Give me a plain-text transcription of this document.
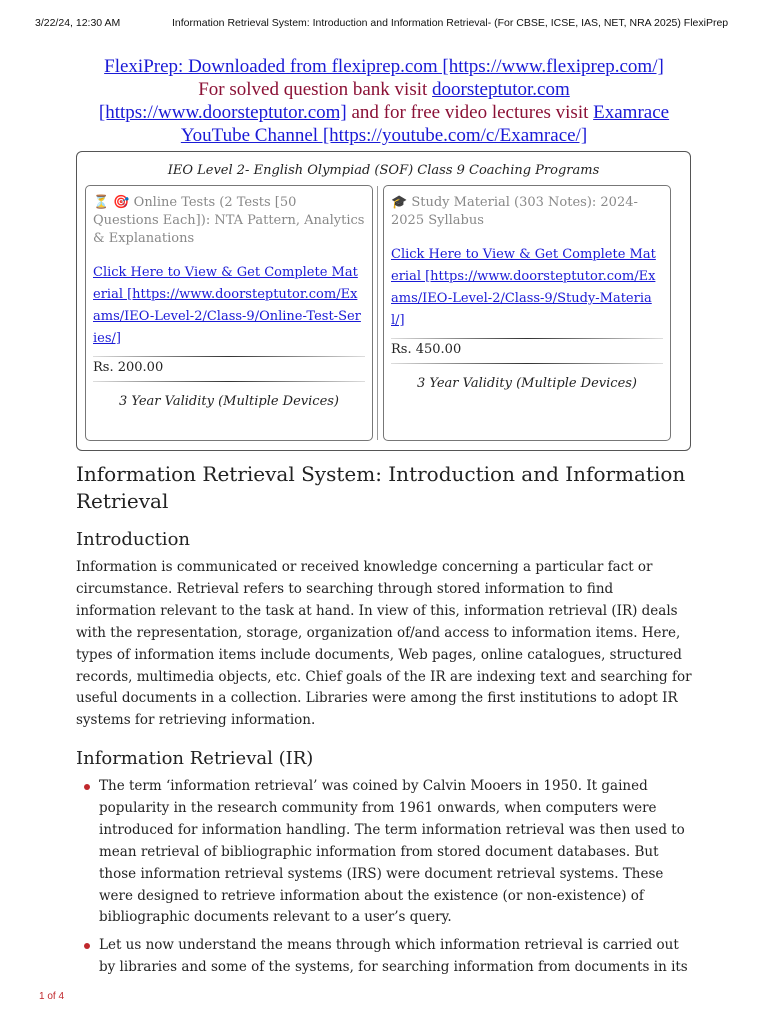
3/22/24, 12:30 AM	Information Retrieval System: Introduction and Information Retrieval- (For CBSE, ICSE, IAS, NET, NRA 2025) FlexiPrep
FlexiPrep: Downloaded from flexiprep.com [https://www.flexiprep.com/]
For solved question bank visit doorsteptutor.com
[https://www.doorsteptutor.com] and for free video lectures visit Examrace
YouTube Channel [https://youtube.com/c/Examrace/]
IEO Level 2- English Olympiad (SOF) Class 9 Coaching Programs
⏳ 🎯 Online Tests (2 Tests [50 Questions Each]): NTA Pattern, Analytics & Explanations
Click Here to View & Get Complete Material [https://www.doorsteptutor.com/Exams/IEO-Level-2/Class-9/Online-Test-Series/]
Rs. 200.00
3 Year Validity (Multiple Devices)
🎓 Study Material (303 Notes): 2024-2025 Syllabus
Click Here to View & Get Complete Material [https://www.doorsteptutor.com/Exams/IEO-Level-2/Class-9/Study-Material/]
Rs. 450.00
3 Year Validity (Multiple Devices)
Information Retrieval System: Introduction and Information Retrieval
Introduction

Information is communicated or received knowledge concerning a particular fact or circumstance. Retrieval refers to searching through stored information to find information relevant to the task at hand. In view of this, information retrieval (IR) deals with the representation, storage, organization of/and access to information items. Here, types of information items include documents, Web pages, online catalogues, structured records, multimedia objects, etc. Chief goals of the IR are indexing text and searching for useful documents in a collection. Libraries were among the first institutions to adopt IR systems for retrieving information.

Information Retrieval (IR)
The term ‘information retrieval’ was coined by Calvin Mooers in 1950. It gained popularity in the research community from 1961 onwards, when computers were introduced for information handling. The term information retrieval was then used to mean retrieval of bibliographic information from stored document databases. But those information retrieval systems (IRS) were document retrieval systems. These were designed to retrieve information about the existence (or non-existence) of bibliographic documents relevant to a user’s query.
Let us now understand the means through which information retrieval is carried out by libraries and some of the systems, for searching information from documents in its
1 of 4
